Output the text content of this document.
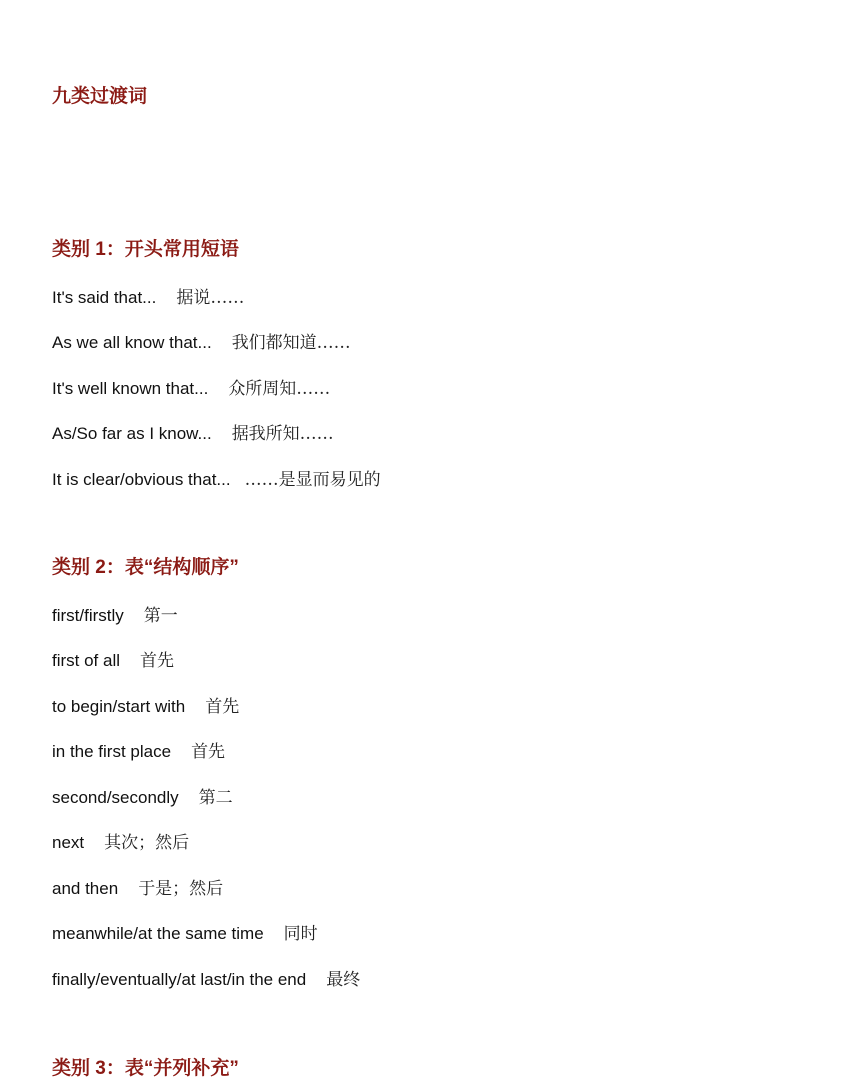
九类过渡词
类别 1：开头常用短语
It's said that... 据说……
As we all know that... 我们都知道……
It's well known that... 众所周知……
As/So far as I know... 据我所知……
It is clear/obvious that... ……是显而易见的
类别 2：表“结构顺序”
first/firstly 第一
first of all 首先
to begin/start with 首先
in the first place 首先
second/secondly 第二
next 其次；然后
and then 于是；然后
meanwhile/at the same time 同时
finally/eventually/at last/in the end 最终
类别 3：表“并列补充”
